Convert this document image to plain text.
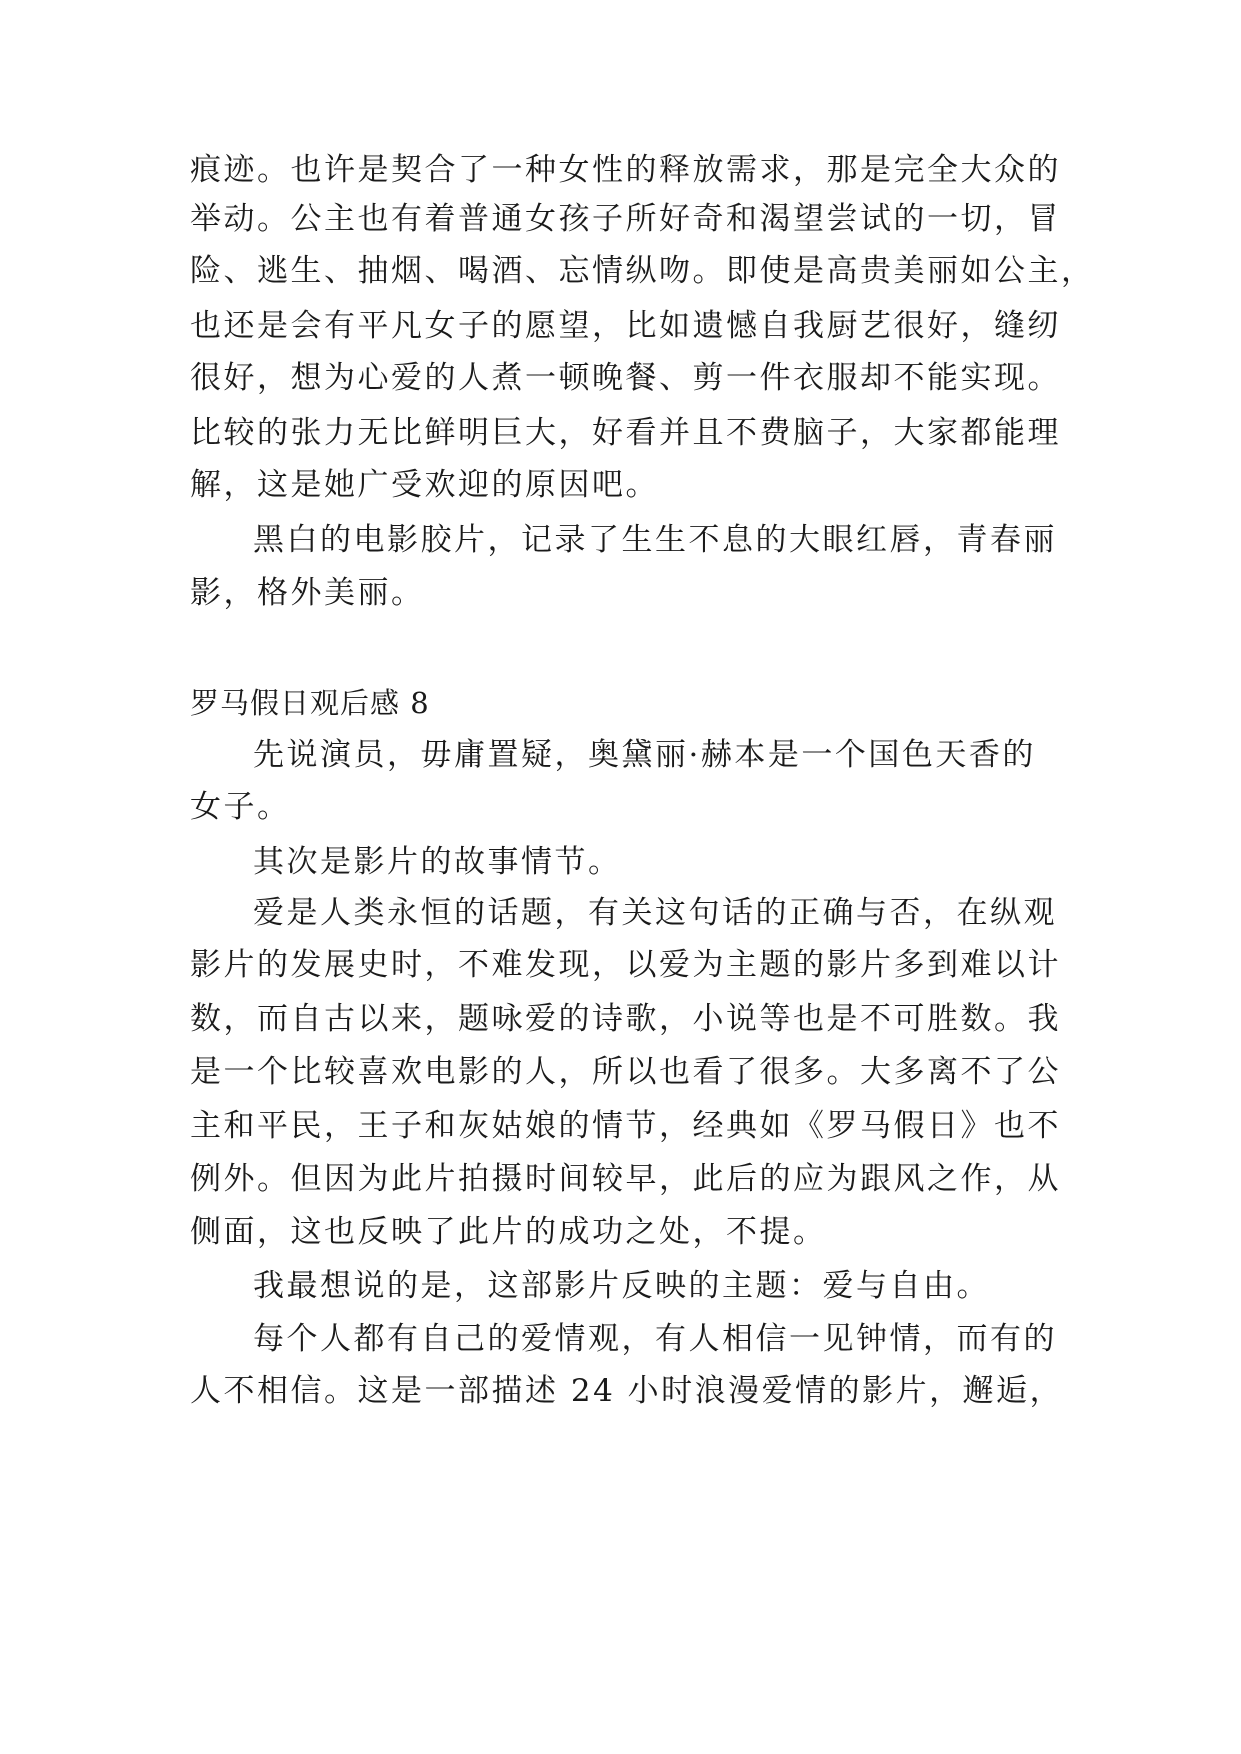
痕迹。也许是契合了一种女性的释放需求，那是完全大众的
举动。公主也有着普通女孩子所好奇和渴望尝试的一切，冒
险、逃生、抽烟、喝酒、忘情纵吻。即使是高贵美丽如公主，
也还是会有平凡女子的愿望，比如遗憾自我厨艺很好，缝纫
很好，想为心爱的人煮一顿晚餐、剪一件衣服却不能实现。
比较的张力无比鲜明巨大，好看并且不费脑子，大家都能理
解，这是她广受欢迎的原因吧。
黑白的电影胶片，记录了生生不息的大眼红唇，青春丽
影，格外美丽。
罗马假日观后感 8
先说演员，毋庸置疑，奥黛丽·赫本是一个国色天香的
女子。
其次是影片的故事情节。
爱是人类永恒的话题，有关这句话的正确与否，在纵观
影片的发展史时，不难发现，以爱为主题的影片多到难以计
数，而自古以来，题咏爱的诗歌，小说等也是不可胜数。我
是一个比较喜欢电影的人，所以也看了很多。大多离不了公
主和平民，王子和灰姑娘的情节，经典如《罗马假日》也不
例外。但因为此片拍摄时间较早，此后的应为跟风之作，从
侧面，这也反映了此片的成功之处，不提。
我最想说的是，这部影片反映的主题：爱与自由。
每个人都有自己的爱情观，有人相信一见钟情，而有的
人不相信。这是一部描述 24 小时浪漫爱情的影片，邂逅，
